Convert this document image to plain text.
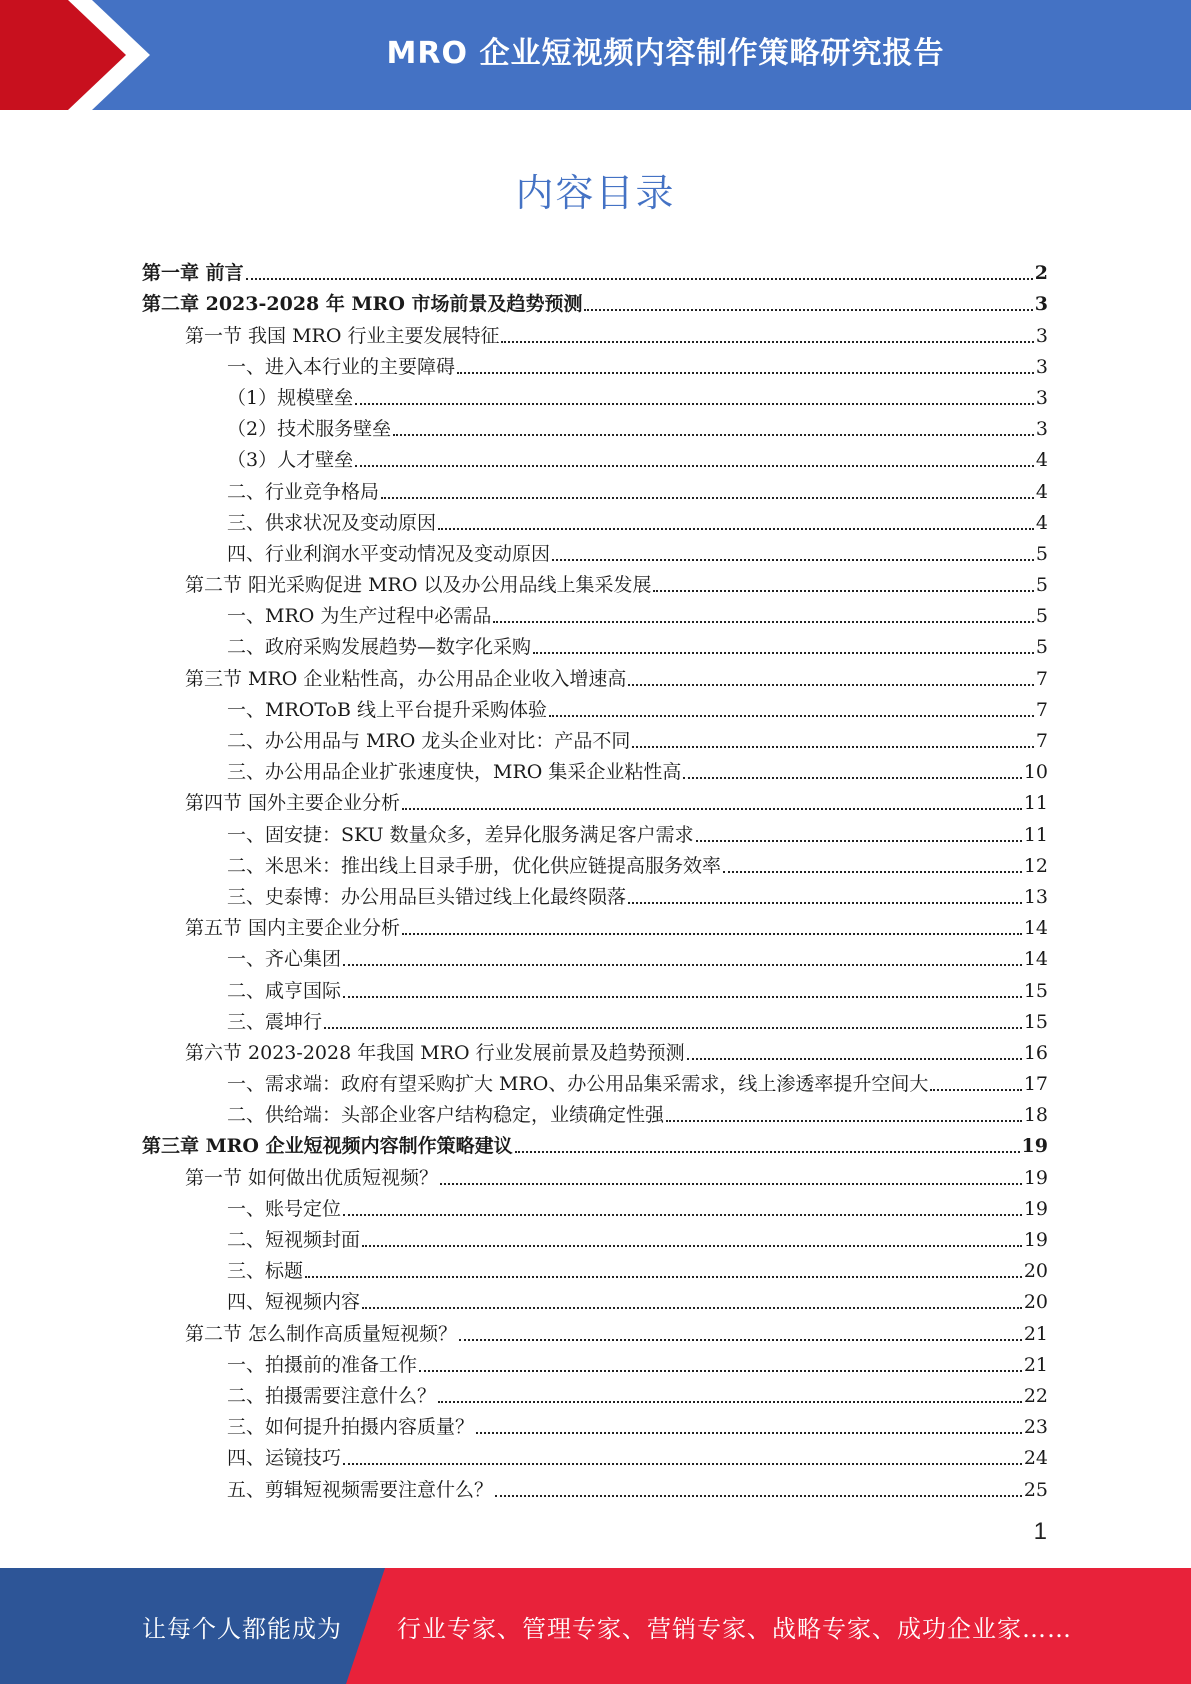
MRO 企业短视频内容制作策略研究报告
内容目录
第一章 前言	2
第二章 2023-2028 年 MRO 市场前景及趋势预测	3
第一节 我国 MRO 行业主要发展特征	3
一、进入本行业的主要障碍	3
（1）规模壁垒	3
（2）技术服务壁垒	3
（3）人才壁垒	4
二、行业竞争格局	4
三、供求状况及变动原因	4
四、行业利润水平变动情况及变动原因	5
第二节 阳光采购促进 MRO 以及办公用品线上集采发展	5
一、MRO 为生产过程中必需品	5
二、政府采购发展趋势—数字化采购	5
第三节 MRO 企业粘性高，办公用品企业收入增速高	7
一、MROToB 线上平台提升采购体验	7
二、办公用品与 MRO 龙头企业对比：产品不同	7
三、办公用品企业扩张速度快，MRO 集采企业粘性高	10
第四节 国外主要企业分析	11
一、固安捷：SKU 数量众多，差异化服务满足客户需求	11
二、米思米：推出线上目录手册，优化供应链提高服务效率	12
三、史泰博：办公用品巨头错过线上化最终陨落	13
第五节 国内主要企业分析	14
一、齐心集团	14
二、咸亨国际	15
三、震坤行	15
第六节 2023-2028 年我国 MRO 行业发展前景及趋势预测	16
一、需求端：政府有望采购扩大 MRO、办公用品集采需求，线上渗透率提升空间大	17
二、供给端：头部企业客户结构稳定，业绩确定性强	18
第三章 MRO 企业短视频内容制作策略建议	19
第一节 如何做出优质短视频？	19
一、账号定位	19
二、短视频封面	19
三、标题	20
四、短视频内容	20
第二节 怎么制作高质量短视频？	21
一、拍摄前的准备工作	21
二、拍摄需要注意什么？	22
三、如何提升拍摄内容质量？	23
四、运镜技巧	24
五、剪辑短视频需要注意什么？	25
1
让每个人都能成为 行业专家、管理专家、营销专家、战略专家、成功企业家……
